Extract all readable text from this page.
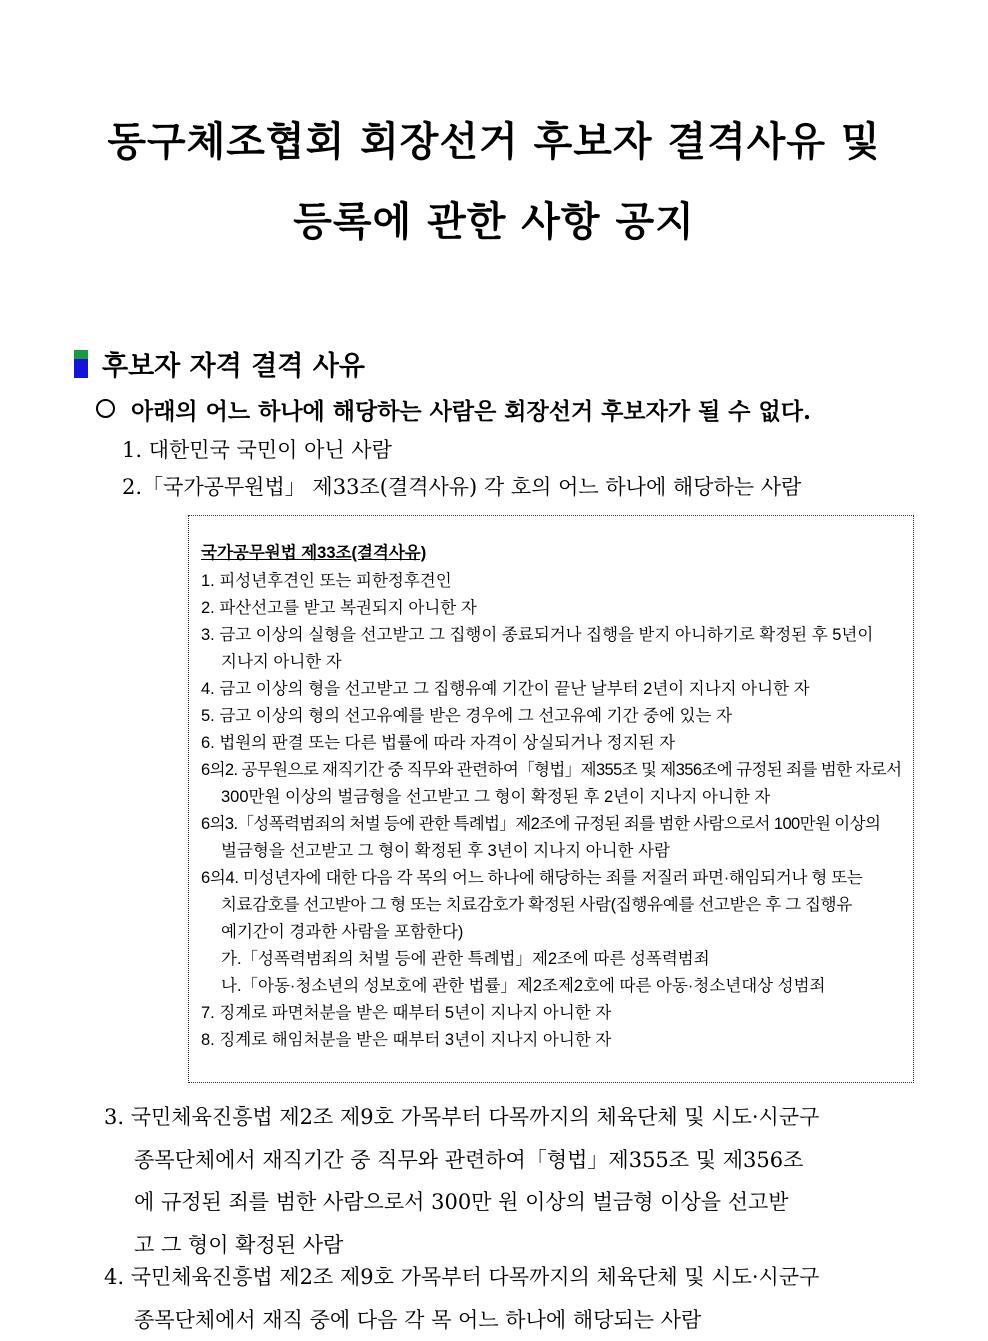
동구체조협회 회장선거 후보자 결격사유 및
등록에 관한 사항 공지
후보자 자격 결격 사유
아래의 어느 하나에 해당하는 사람은 회장선거 후보자가 될 수 없다.
1. 대한민국 국민이 아닌 사람
2.「국가공무원법」 제33조(결격사유) 각 호의 어느 하나에 해당하는 사람
국가공무원법 제33조(결격사유)
1. 피성년후견인 또는 피한정후견인
2. 파산선고를 받고 복권되지 아니한 자
3. 금고 이상의 실형을 선고받고 그 집행이 종료되거나 집행을 받지 아니하기로 확정된 후 5년이
지나지 아니한 자
4. 금고 이상의 형을 선고받고 그 집행유예 기간이 끝난 날부터 2년이 지나지 아니한 자
5. 금고 이상의 형의 선고유예를 받은 경우에 그 선고유예 기간 중에 있는 자
6. 법원의 판결 또는 다른 법률에 따라 자격이 상실되거나 정지된 자
6의2. 공무원으로 재직기간 중 직무와 관련하여「형법」제355조 및 제356조에 규정된 죄를 범한 자로서
300만원 이상의 벌금형을 선고받고 그 형이 확정된 후 2년이 지나지 아니한 자
6의3.「성폭력범죄의 처벌 등에 관한 특례법」제2조에 규정된 죄를 범한 사람으로서 100만원 이상의
벌금형을 선고받고 그 형이 확정된 후 3년이 지나지 아니한 사람
6의4. 미성년자에 대한 다음 각 목의 어느 하나에 해당하는 죄를 저질러 파면·해임되거나 형 또는
치료감호를 선고받아 그 형 또는 치료감호가 확정된 사람(집행유예를 선고받은 후 그 집행유
예기간이 경과한 사람을 포함한다)
가.「성폭력범죄의 처벌 등에 관한 특례법」제2조에 따른 성폭력범죄
나.「아동·청소년의 성보호에 관한 법률」제2조제2호에 따른 아동·청소년대상 성범죄
7. 징계로 파면처분을 받은 때부터 5년이 지나지 아니한 자
8. 징계로 해임처분을 받은 때부터 3년이 지나지 아니한 자
3. 국민체육진흥법 제2조 제9호 가목부터 다목까지의 체육단체 및 시도·시군구
종목단체에서 재직기간 중 직무와 관련하여「형법」제355조 및 제356조
에 규정된 죄를 범한 사람으로서 300만 원 이상의 벌금형 이상을 선고받
고 그 형이 확정된 사람
4. 국민체육진흥법 제2조 제9호 가목부터 다목까지의 체육단체 및 시도·시군구
종목단체에서 재직 중에 다음 각 목 어느 하나에 해당되는 사람
